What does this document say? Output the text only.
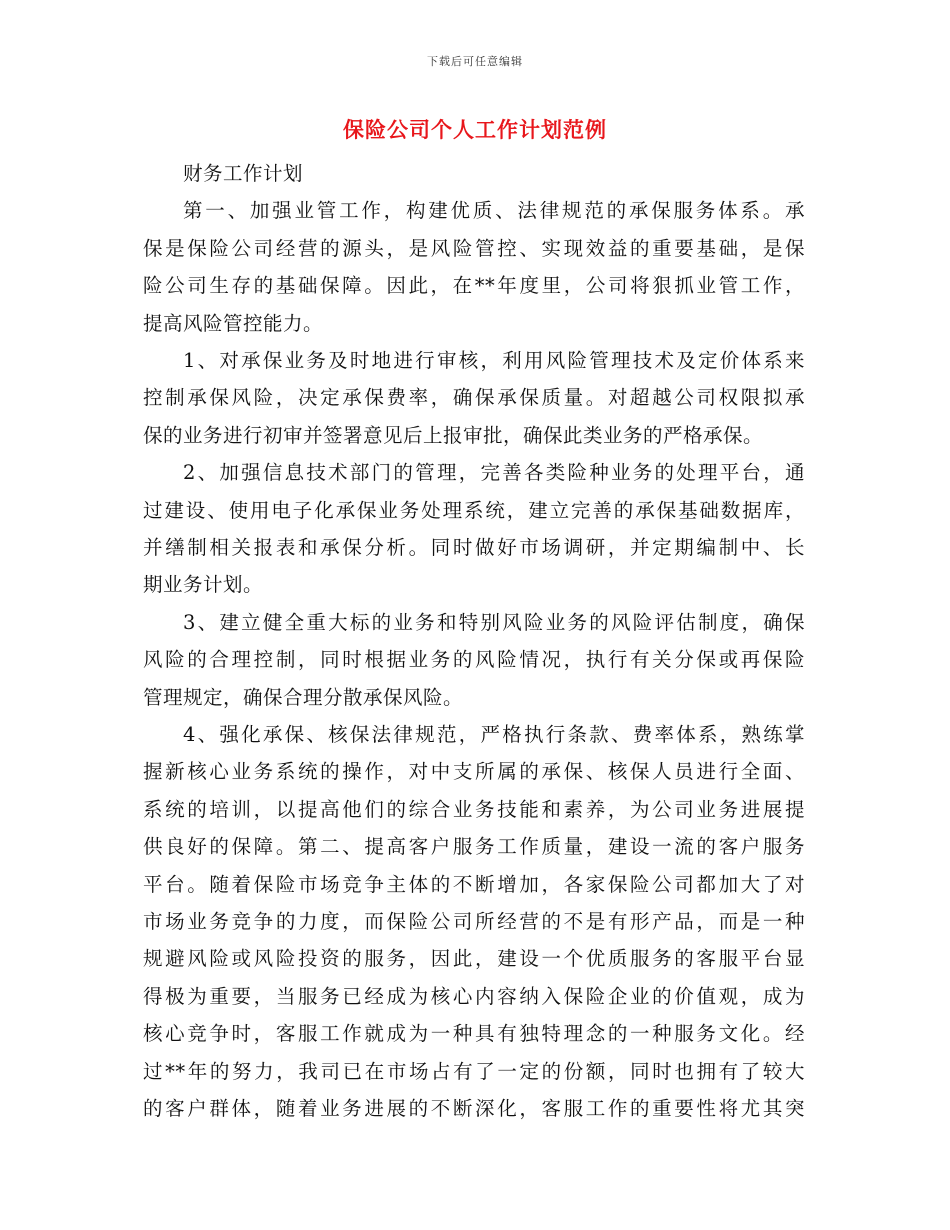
下载后可任意编辑
保险公司个人工作计划范例
财务工作计划
第一、加强业管工作，构建优质、法律规范的承保服务体系。承
保是保险公司经营的源头，是风险管控、实现效益的重要基础，是保
险公司生存的基础保障。因此，在**年度里，公司将狠抓业管工作，
提高风险管控能力。
1、对承保业务及时地进行审核，利用风险管理技术及定价体系来
控制承保风险，决定承保费率，确保承保质量。对超越公司权限拟承
保的业务进行初审并签署意见后上报审批，确保此类业务的严格承保。
2、加强信息技术部门的管理，完善各类险种业务的处理平台，通
过建设、使用电子化承保业务处理系统，建立完善的承保基础数据库，
并缮制相关报表和承保分析。同时做好市场调研，并定期编制中、长
期业务计划。
3、建立健全重大标的业务和特别风险业务的风险评估制度，确保
风险的合理控制，同时根据业务的风险情况，执行有关分保或再保险
管理规定，确保合理分散承保风险。
4、强化承保、核保法律规范，严格执行条款、费率体系，熟练掌
握新核心业务系统的操作，对中支所属的承保、核保人员进行全面、
系统的培训，以提高他们的综合业务技能和素养，为公司业务进展提
供良好的保障。第二、提高客户服务工作质量，建设一流的客户服务
平台。随着保险市场竞争主体的不断增加，各家保险公司都加大了对
市场业务竞争的力度，而保险公司所经营的不是有形产品，而是一种
规避风险或风险投资的服务，因此，建设一个优质服务的客服平台显
得极为重要，当服务已经成为核心内容纳入保险企业的价值观，成为
核心竞争时，客服工作就成为一种具有独特理念的一种服务文化。经
过**年的努力，我司已在市场占有了一定的份额，同时也拥有了较大
的客户群体，随着业务进展的不断深化，客服工作的重要性将尤其突
